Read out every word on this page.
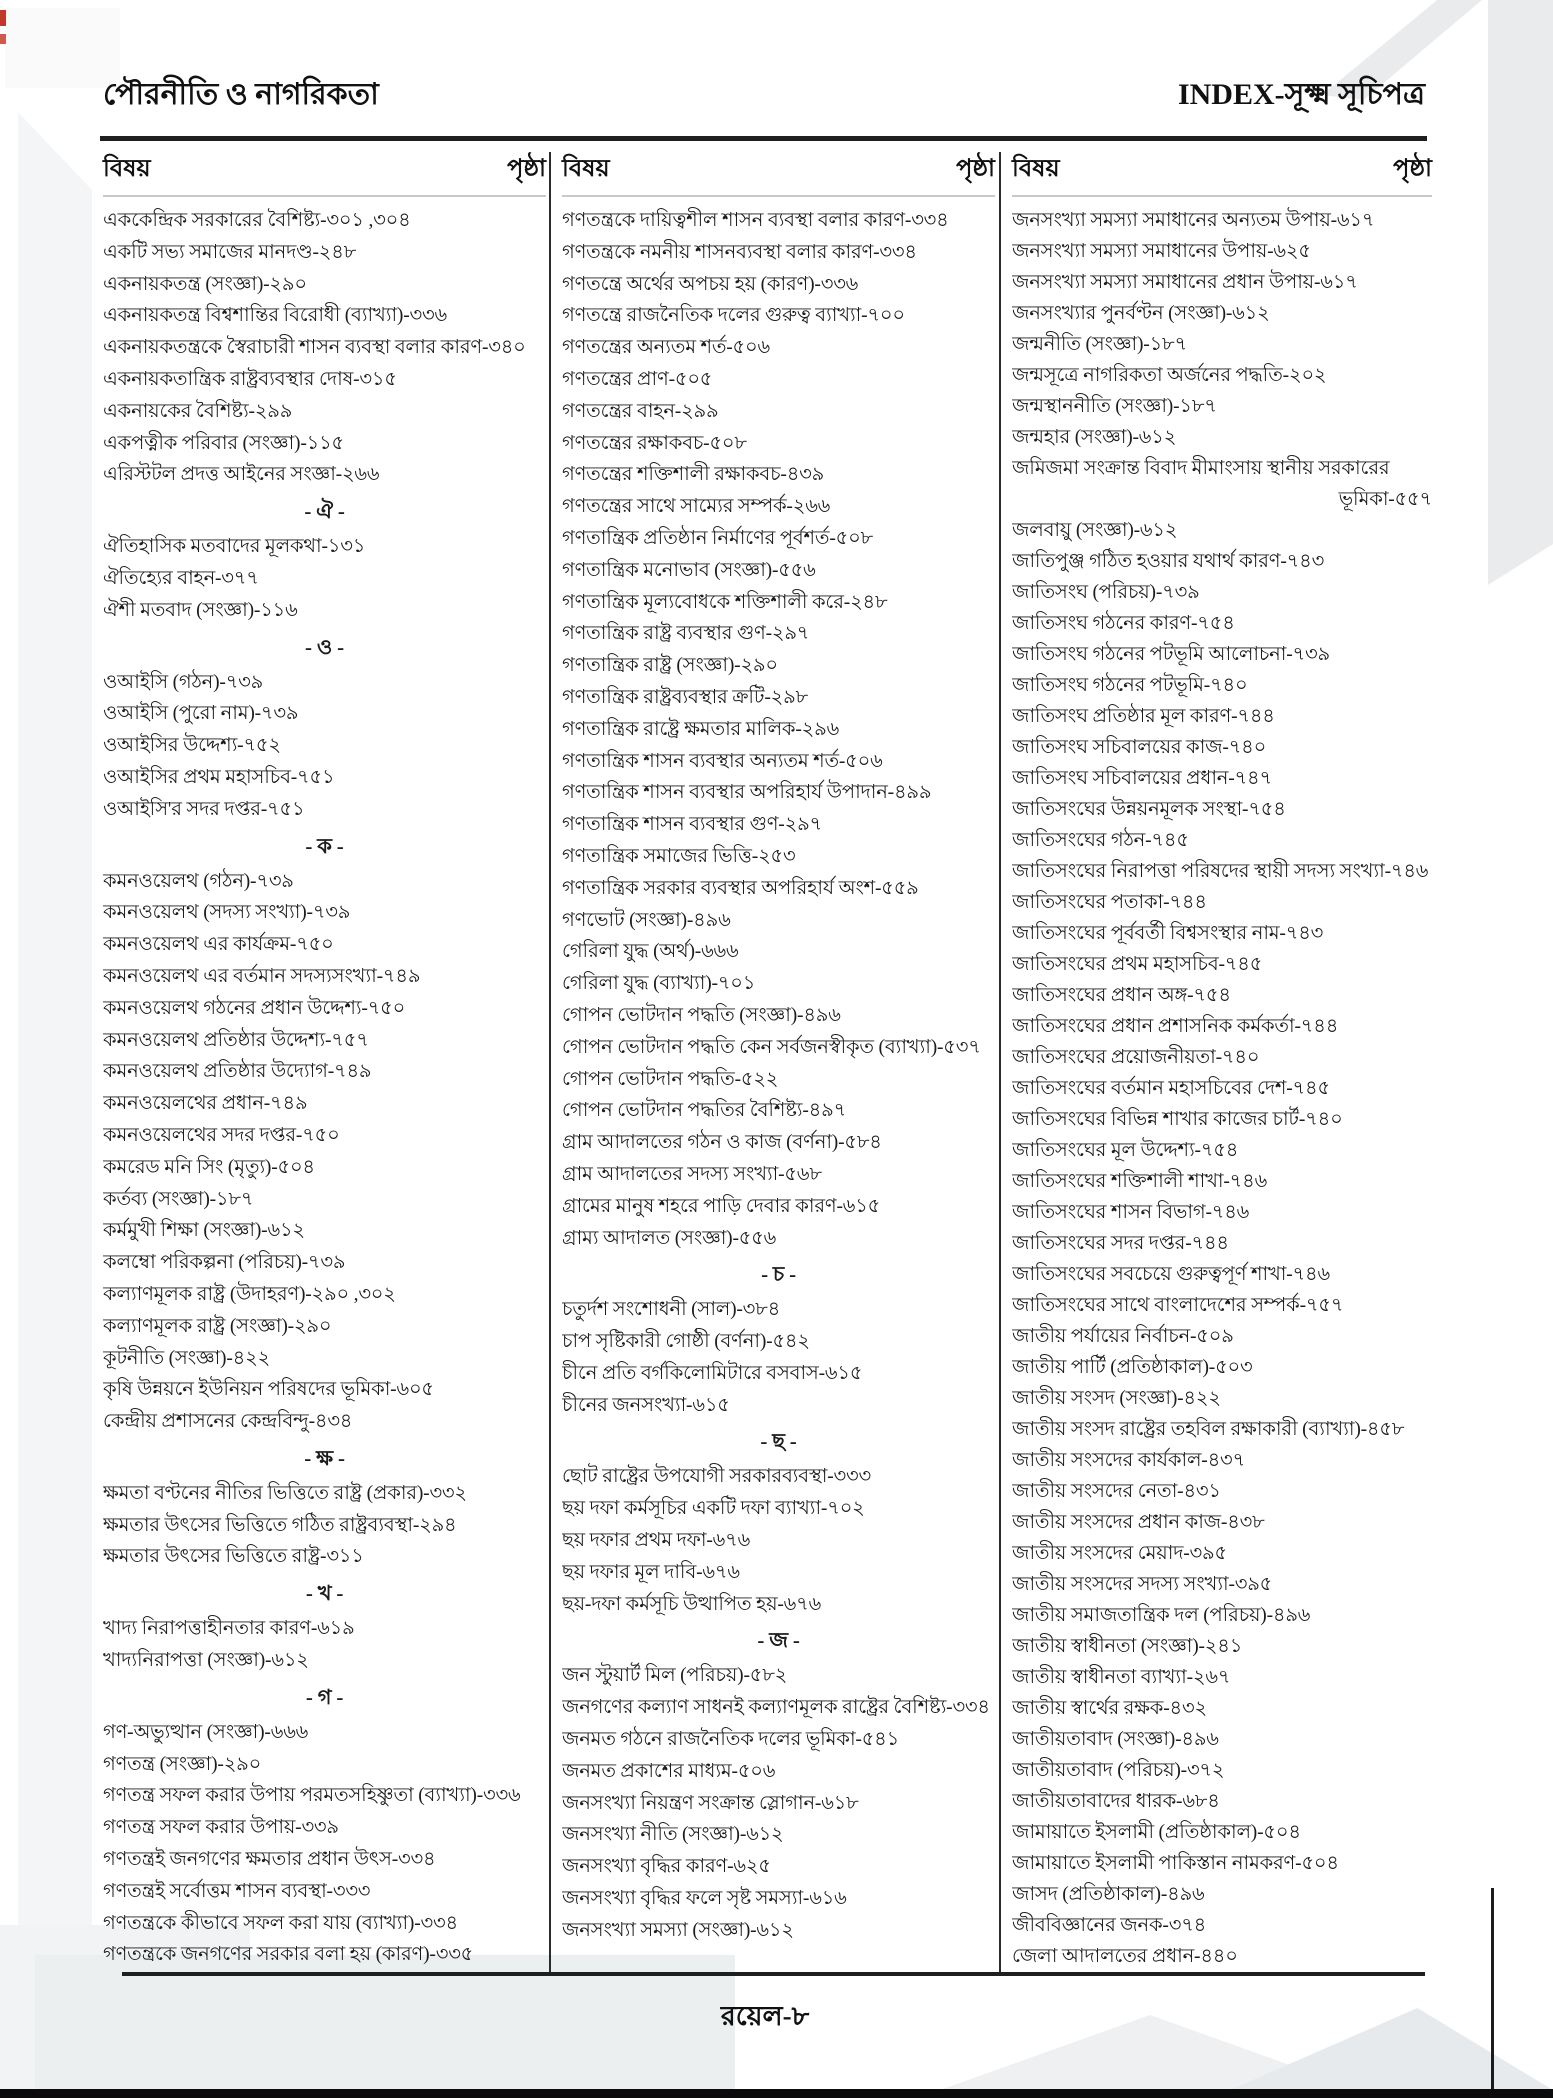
পৌরনীতি ও নাগরিকতা	INDEX-সূক্ষ্ম সূচিপত্র
বিষয়	পৃষ্ঠা
এককেন্দ্রিক সরকারের বৈশিষ্ট্য-৩০১ ,৩০৪
একটি সভ্য সমাজের মানদণ্ড-২৪৮
একনায়কতন্ত্র (সংজ্ঞা)-২৯০
একনায়কতন্ত্র বিশ্বশান্তির বিরোধী (ব্যাখ্যা)-৩৩৬
একনায়কতন্ত্রকে স্বৈরাচারী শাসন ব্যবস্থা বলার কারণ-৩৪০
একনায়কতান্ত্রিক রাষ্ট্রব্যবস্থার দোষ-৩১৫
একনায়কের বৈশিষ্ট্য-২৯৯
একপত্নীক পরিবার (সংজ্ঞা)-১১৫
এরিস্টটল প্রদত্ত আইনের সংজ্ঞা-২৬৬
- ঐ -
ঐতিহাসিক মতবাদের মূলকথা-১৩১
ঐতিহ্যের বাহন-৩৭৭
ঐশী মতবাদ (সংজ্ঞা)-১১৬
- ও -
ওআইসি (গঠন)-৭৩৯
ওআইসি (পুরো নাম)-৭৩৯
ওআইসির উদ্দেশ্য-৭৫২
ওআইসির প্রথম মহাসচিব-৭৫১
ওআইসি'র সদর দপ্তর-৭৫১
- ক -
কমনওয়েলথ (গঠন)-৭৩৯
কমনওয়েলথ (সদস্য সংখ্যা)-৭৩৯
কমনওয়েলথ এর কার্যক্রম-৭৫০
কমনওয়েলথ এর বর্তমান সদস্যসংখ্যা-৭৪৯
কমনওয়েলথ গঠনের প্রধান উদ্দেশ্য-৭৫০
কমনওয়েলথ প্রতিষ্ঠার উদ্দেশ্য-৭৫৭
কমনওয়েলথ প্রতিষ্ঠার উদ্যোগ-৭৪৯
কমনওয়েলথের প্রধান-৭৪৯
কমনওয়েলথের সদর দপ্তর-৭৫০
কমরেড মনি সিং (মৃত্যু)-৫০৪
কর্তব্য (সংজ্ঞা)-১৮৭
কর্মমুখী শিক্ষা (সংজ্ঞা)-৬১২
কলম্বো পরিকল্পনা (পরিচয়)-৭৩৯
কল্যাণমূলক রাষ্ট্র (উদাহরণ)-২৯০ ,৩০২
কল্যাণমূলক রাষ্ট্র (সংজ্ঞা)-২৯০
কূটনীতি (সংজ্ঞা)-৪২২
কৃষি উন্নয়নে ইউনিয়ন পরিষদের ভূমিকা-৬০৫
কেন্দ্রীয় প্রশাসনের কেন্দ্রবিন্দু-৪৩৪
- ক্ষ -
ক্ষমতা বণ্টনের নীতির ভিত্তিতে রাষ্ট্র (প্রকার)-৩৩২
ক্ষমতার উৎসের ভিত্তিতে গঠিত রাষ্ট্রব্যবস্থা-২৯৪
ক্ষমতার উৎসের ভিত্তিতে রাষ্ট্র-৩১১
- খ -
খাদ্য নিরাপত্তাহীনতার কারণ-৬১৯
খাদ্যনিরাপত্তা (সংজ্ঞা)-৬১২
- গ -
গণ-অভ্যুত্থান (সংজ্ঞা)-৬৬৬
গণতন্ত্র (সংজ্ঞা)-২৯০
গণতন্ত্র সফল করার উপায় পরমতসহিষ্ণুতা (ব্যাখ্যা)-৩৩৬
গণতন্ত্র সফল করার উপায়-৩৩৯
গণতন্ত্রই জনগণের ক্ষমতার প্রধান উৎস-৩৩৪
গণতন্ত্রই সর্বোত্তম শাসন ব্যবস্থা-৩৩৩
গণতন্ত্রকে কীভাবে সফল করা যায় (ব্যাখ্যা)-৩৩৪
গণতন্ত্রকে জনগণের সরকার বলা হয় (কারণ)-৩৩৫
বিষয়	পৃষ্ঠা
গণতন্ত্রকে দায়িত্বশীল শাসন ব্যবস্থা বলার কারণ-৩৩৪
গণতন্ত্রকে নমনীয় শাসনব্যবস্থা বলার কারণ-৩৩৪
গণতন্ত্রে অর্থের অপচয় হয় (কারণ)-৩৩৬
গণতন্ত্রে রাজনৈতিক দলের গুরুত্ব ব্যাখ্যা-৭০০
গণতন্ত্রের অন্যতম শর্ত-৫০৬
গণতন্ত্রের প্রাণ-৫০৫
গণতন্ত্রের বাহন-২৯৯
গণতন্ত্রের রক্ষাকবচ-৫০৮
গণতন্ত্রের শক্তিশালী রক্ষাকবচ-৪৩৯
গণতন্ত্রের সাথে সাম্যের সম্পর্ক-২৬৬
গণতান্ত্রিক প্রতিষ্ঠান নির্মাণের পূর্বশর্ত-৫০৮
গণতান্ত্রিক মনোভাব (সংজ্ঞা)-৫৫৬
গণতান্ত্রিক মূল্যবোধকে শক্তিশালী করে-২৪৮
গণতান্ত্রিক রাষ্ট্র ব্যবস্থার গুণ-২৯৭
গণতান্ত্রিক রাষ্ট্র (সংজ্ঞা)-২৯০
গণতান্ত্রিক রাষ্ট্রব্যবস্থার ক্রটি-২৯৮
গণতান্ত্রিক রাষ্ট্রে ক্ষমতার মালিক-২৯৬
গণতান্ত্রিক শাসন ব্যবস্থার অন্যতম শর্ত-৫০৬
গণতান্ত্রিক শাসন ব্যবস্থার অপরিহার্য উপাদান-৪৯৯
গণতান্ত্রিক শাসন ব্যবস্থার গুণ-২৯৭
গণতান্ত্রিক সমাজের ভিত্তি-২৫৩
গণতান্ত্রিক সরকার ব্যবস্থার অপরিহার্য অংশ-৫৫৯
গণভোট (সংজ্ঞা)-৪৯৬
গেরিলা যুদ্ধ (অর্থ)-৬৬৬
গেরিলা যুদ্ধ (ব্যাখ্যা)-৭০১
গোপন ভোটদান পদ্ধতি (সংজ্ঞা)-৪৯৬
গোপন ভোটদান পদ্ধতি কেন সর্বজনস্বীকৃত (ব্যাখ্যা)-৫৩৭
গোপন ভোটদান পদ্ধতি-৫২২
গোপন ভোটদান পদ্ধতির বৈশিষ্ট্য-৪৯৭
গ্রাম আদালতের গঠন ও কাজ (বর্ণনা)-৫৮৪
গ্রাম আদালতের সদস্য সংখ্যা-৫৬৮
গ্রামের মানুষ শহরে পাড়ি দেবার কারণ-৬১৫
গ্রাম্য আদালত (সংজ্ঞা)-৫৫৬
- চ -
চতুর্দশ সংশোধনী (সাল)-৩৮৪
চাপ সৃষ্টিকারী গোষ্ঠী (বর্ণনা)-৫৪২
চীনে প্রতি বর্গকিলোমিটারে বসবাস-৬১৫
চীনের জনসংখ্যা-৬১৫
- ছ -
ছোট রাষ্ট্রের উপযোগী সরকারব্যবস্থা-৩৩৩
ছয় দফা কর্মসূচির একটি দফা ব্যাখ্যা-৭০২
ছয় দফার প্রথম দফা-৬৭৬
ছয় দফার মূল দাবি-৬৭৬
ছয়-দফা কর্মসূচি উত্থাপিত হয়-৬৭৬
- জ -
জন স্টুয়ার্ট মিল (পরিচয়)-৫৮২
জনগণের কল্যাণ সাধনই কল্যাণমূলক রাষ্ট্রের বৈশিষ্ট্য-৩৩৪
জনমত গঠনে রাজনৈতিক দলের ভূমিকা-৫৪১
জনমত প্রকাশের মাধ্যম-৫০৬
জনসংখ্যা নিয়ন্ত্রণ সংক্রান্ত স্লোগান-৬১৮
জনসংখ্যা নীতি (সংজ্ঞা)-৬১২
জনসংখ্যা বৃদ্ধির কারণ-৬২৫
জনসংখ্যা বৃদ্ধির ফলে সৃষ্ট সমস্যা-৬১৬
জনসংখ্যা সমস্যা (সংজ্ঞা)-৬১২
বিষয়	পৃষ্ঠা
জনসংখ্যা সমস্যা সমাধানের অন্যতম উপায়-৬১৭
জনসংখ্যা সমস্যা সমাধানের উপায়-৬২৫
জনসংখ্যা সমস্যা সমাধানের প্রধান উপায়-৬১৭
জনসংখ্যার পুনর্বণ্টন (সংজ্ঞা)-৬১২
জন্মনীতি (সংজ্ঞা)-১৮৭
জন্মসূত্রে নাগরিকতা অর্জনের পদ্ধতি-২০২
জন্মস্থাননীতি (সংজ্ঞা)-১৮৭
জন্মহার (সংজ্ঞা)-৬১২
জমিজমা সংক্রান্ত বিবাদ মীমাংসায় স্থানীয় সরকারের
ভূমিকা-৫৫৭
জলবায়ু (সংজ্ঞা)-৬১২
জাতিপুঞ্জ গঠিত হওয়ার যথার্থ কারণ-৭৪৩
জাতিসংঘ (পরিচয়)-৭৩৯
জাতিসংঘ গঠনের কারণ-৭৫৪
জাতিসংঘ গঠনের পটভূমি আলোচনা-৭৩৯
জাতিসংঘ গঠনের পটভূমি-৭৪০
জাতিসংঘ প্রতিষ্ঠার মূল কারণ-৭৪৪
জাতিসংঘ সচিবালয়ের কাজ-৭৪০
জাতিসংঘ সচিবালয়ের প্রধান-৭৪৭
জাতিসংঘের উন্নয়নমূলক সংস্থা-৭৫৪
জাতিসংঘের গঠন-৭৪৫
জাতিসংঘের নিরাপত্তা পরিষদের স্থায়ী সদস্য সংখ্যা-৭৪৬
জাতিসংঘের পতাকা-৭৪৪
জাতিসংঘের পূর্ববর্তী বিশ্বসংস্থার নাম-৭৪৩
জাতিসংঘের প্রথম মহাসচিব-৭৪৫
জাতিসংঘের প্রধান অঙ্গ-৭৫৪
জাতিসংঘের প্রধান প্রশাসনিক কর্মকর্তা-৭৪৪
জাতিসংঘের প্রয়োজনীয়তা-৭৪০
জাতিসংঘের বর্তমান মহাসচিবের দেশ-৭৪৫
জাতিসংঘের বিভিন্ন শাখার কাজের চার্ট-৭৪০
জাতিসংঘের মূল উদ্দেশ্য-৭৫৪
জাতিসংঘের শক্তিশালী শাখা-৭৪৬
জাতিসংঘের শাসন বিভাগ-৭৪৬
জাতিসংঘের সদর দপ্তর-৭৪৪
জাতিসংঘের সবচেয়ে গুরুত্বপূর্ণ শাখা-৭৪৬
জাতিসংঘের সাথে বাংলাদেশের সম্পর্ক-৭৫৭
জাতীয় পর্যায়ের নির্বাচন-৫০৯
জাতীয় পার্টি (প্রতিষ্ঠাকাল)-৫০৩
জাতীয় সংসদ (সংজ্ঞা)-৪২২
জাতীয় সংসদ রাষ্ট্রের তহবিল রক্ষাকারী (ব্যাখ্যা)-৪৫৮
জাতীয় সংসদের কার্যকাল-৪৩৭
জাতীয় সংসদের নেতা-৪৩১
জাতীয় সংসদের প্রধান কাজ-৪৩৮
জাতীয় সংসদের মেয়াদ-৩৯৫
জাতীয় সংসদের সদস্য সংখ্যা-৩৯৫
জাতীয় সমাজতান্ত্রিক দল (পরিচয়)-৪৯৬
জাতীয় স্বাধীনতা (সংজ্ঞা)-২৪১
জাতীয় স্বাধীনতা ব্যাখ্যা-২৬৭
জাতীয় স্বার্থের রক্ষক-৪৩২
জাতীয়তাবাদ (সংজ্ঞা)-৪৯৬
জাতীয়তাবাদ (পরিচয়)-৩৭২
জাতীয়তাবাদের ধারক-৬৮৪
জামায়াতে ইসলামী (প্রতিষ্ঠাকাল)-৫০৪
জামায়াতে ইসলামী পাকিস্তান নামকরণ-৫০৪
জাসদ (প্রতিষ্ঠাকাল)-৪৯৬
জীববিজ্ঞানের জনক-৩৭৪
জেলা আদালতের প্রধান-৪৪০
রয়েল-৮
